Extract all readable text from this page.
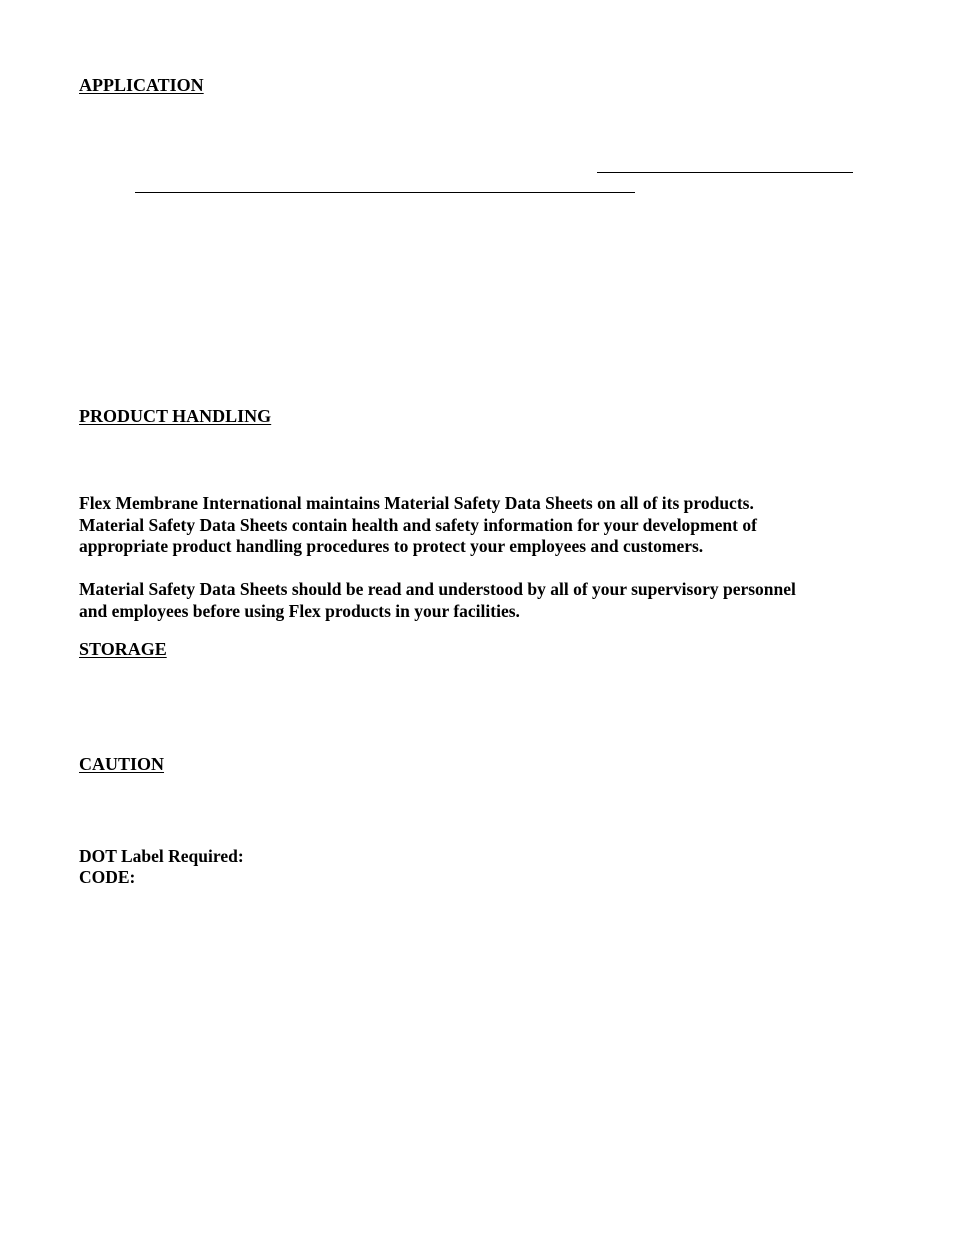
APPLICATION
PRODUCT HANDLING
Flex Membrane International maintains Material Safety Data Sheets on all of its products.
Material Safety Data Sheets contain health and safety information for your development of
appropriate product handling procedures to protect your employees and customers.
Material Safety Data Sheets should be read and understood by all of your supervisory personnel
and employees before using Flex products in your facilities.
STORAGE
CAUTION
DOT Label Required:
CODE:
